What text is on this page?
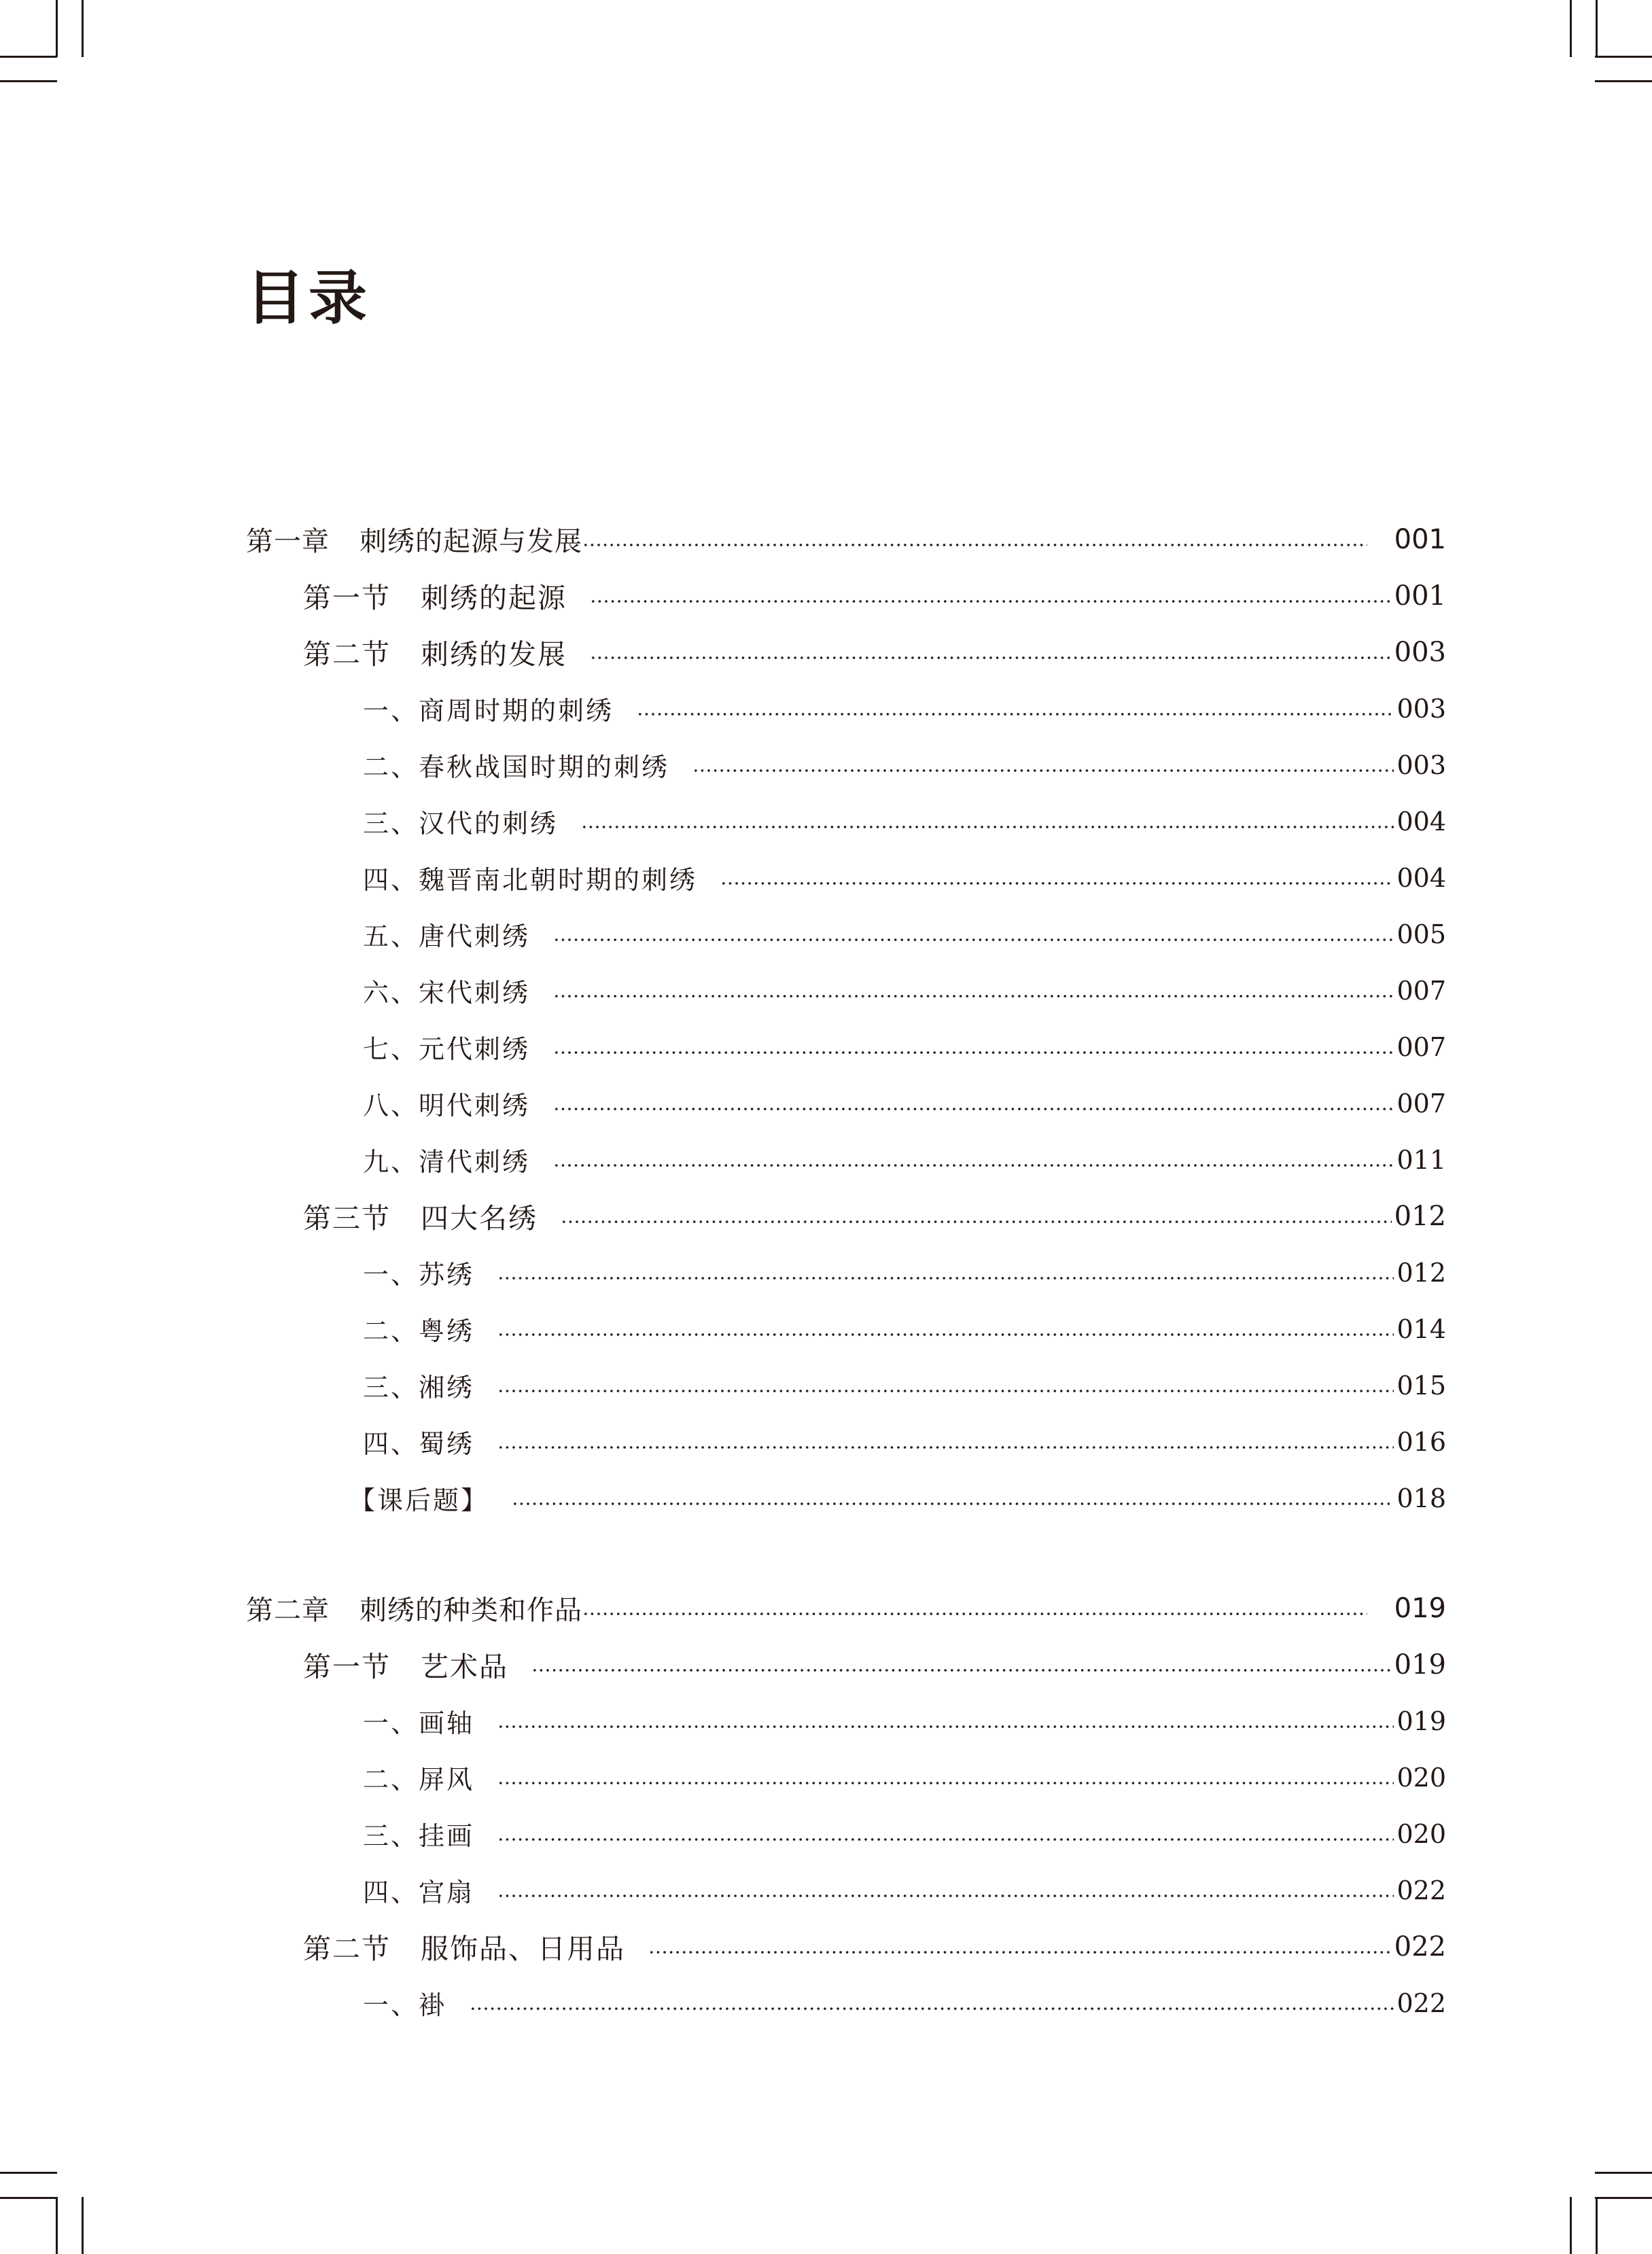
目录
第一章 刺绣的起源与发展	001
第一节 刺绣的起源	001
第二节 刺绣的发展	003
一、商周时期的刺绣	003
二、春秋战国时期的刺绣	003
三、汉代的刺绣	004
四、魏晋南北朝时期的刺绣	004
五、唐代刺绣	005
六、宋代刺绣	007
七、元代刺绣	007
八、明代刺绣	007
九、清代刺绣	011
第三节 四大名绣	012
一、苏绣	012
二、粤绣	014
三、湘绣	015
四、蜀绣	016
【课后题】	018
第二章 刺绣的种类和作品	019
第一节 艺术品	019
一、画轴	019
二、屏风	020
三、挂画	020
四、宫扇	022
第二节 服饰品、日用品	022
一、褂	022
